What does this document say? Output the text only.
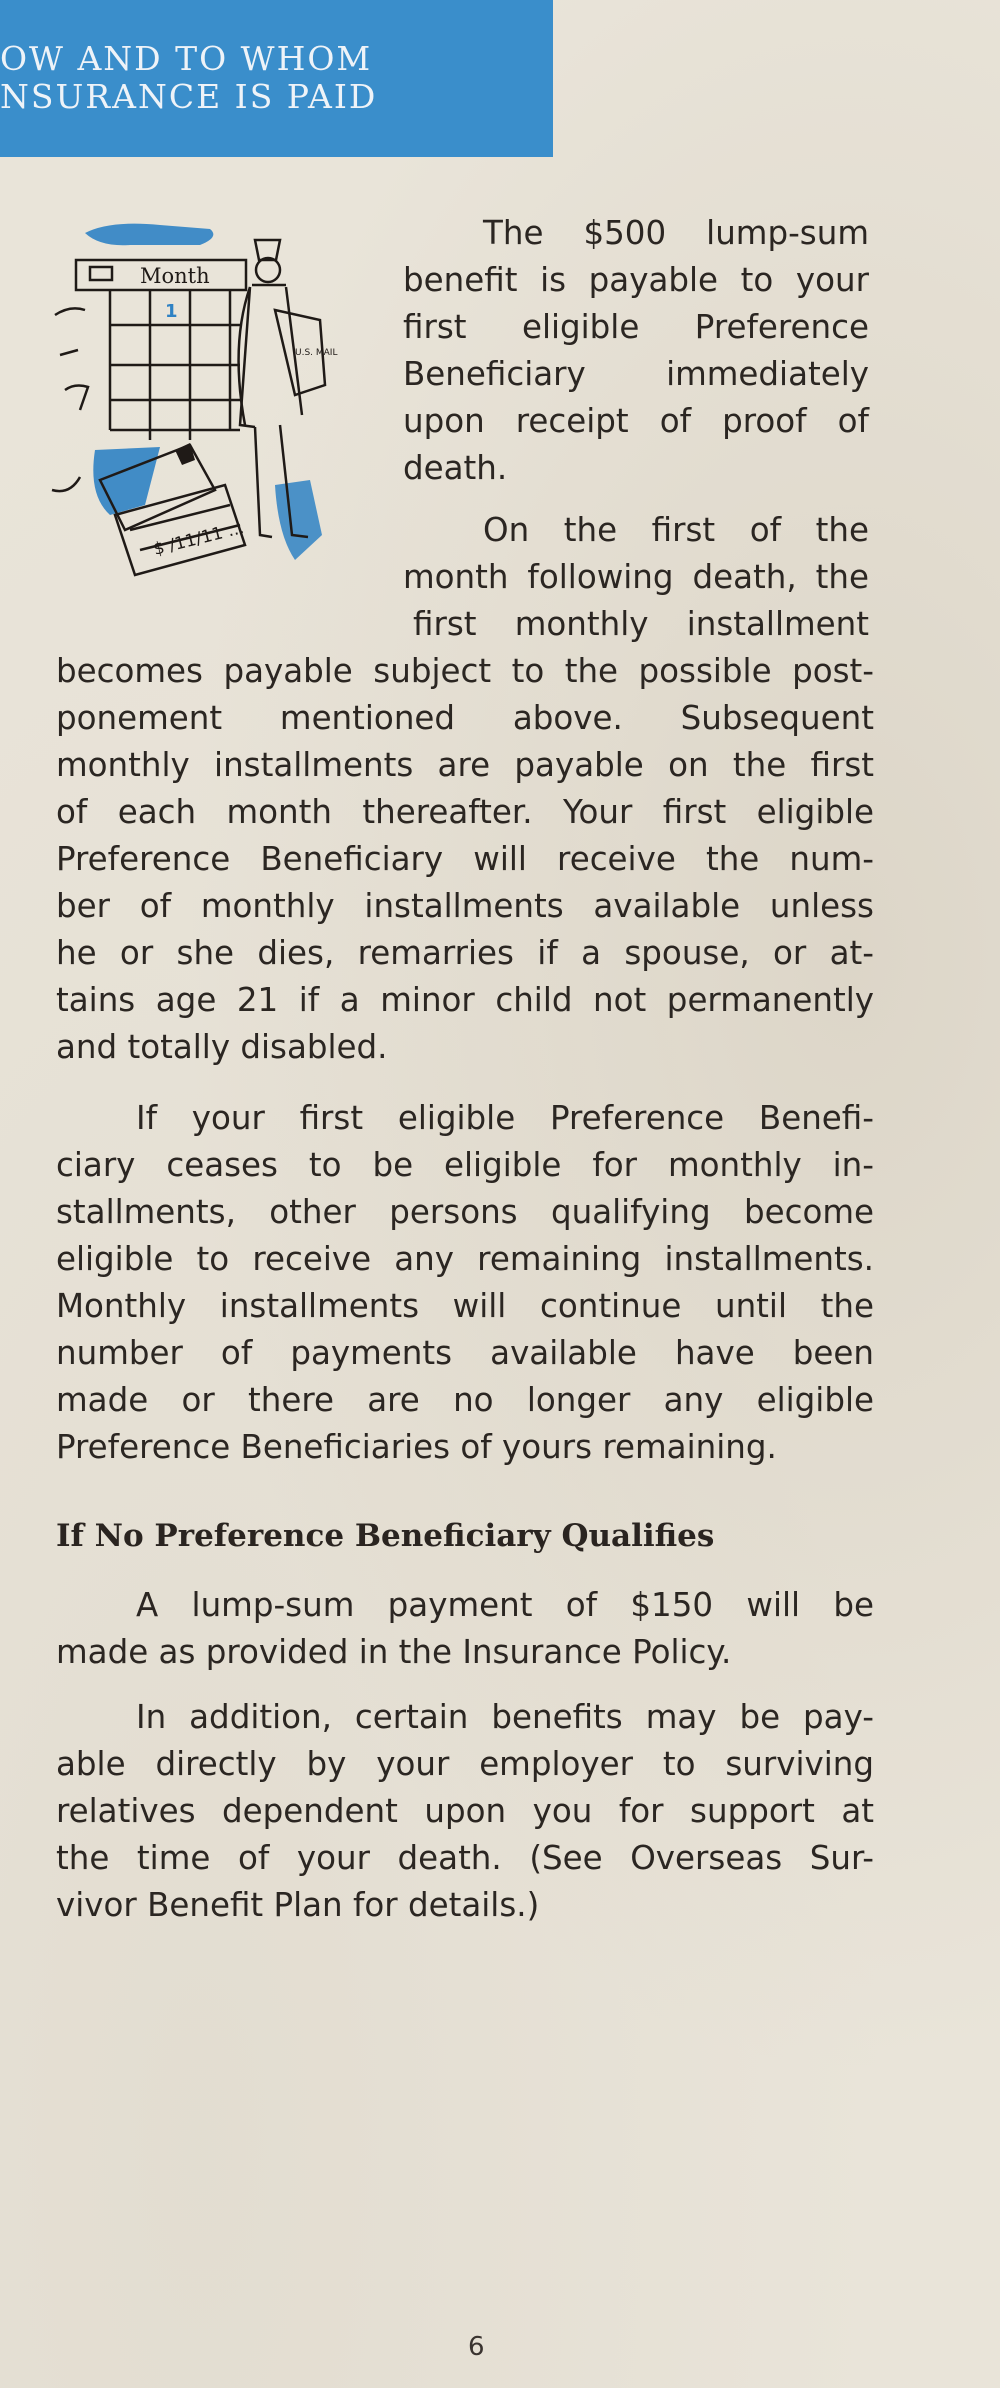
OW AND TO WHOM
NSURANCE IS PAID
Month
1
U.S. MAIL
$ /11/11 ...
The $500 lump-sum
benefit is payable to your
first eligible Preference
Beneficiary immediately
upon receipt of proof of
death.
On the first of the
month following death, the
first monthly installment
becomes payable subject to the possible post-
ponement mentioned above. Subsequent
monthly installments are payable on the first
of each month thereafter. Your first eligible
Preference Beneficiary will receive the num-
ber of monthly installments available unless
he or she dies, remarries if a spouse, or at-
tains age 21 if a minor child not permanently
and totally disabled.
If your first eligible Preference Benefi-
ciary ceases to be eligible for monthly in-
stallments, other persons qualifying become
eligible to receive any remaining installments.
Monthly installments will continue until the
number of payments available have been
made or there are no longer any eligible
Preference Beneficiaries of yours remaining.
If No Preference Beneficiary Qualifies
A lump-sum payment of $150 will be
made as provided in the Insurance Policy.
In addition, certain benefits may be pay-
able directly by your employer to surviving
relatives dependent upon you for support at
the time of your death. (See Overseas Sur-
vivor Benefit Plan for details.)
6
